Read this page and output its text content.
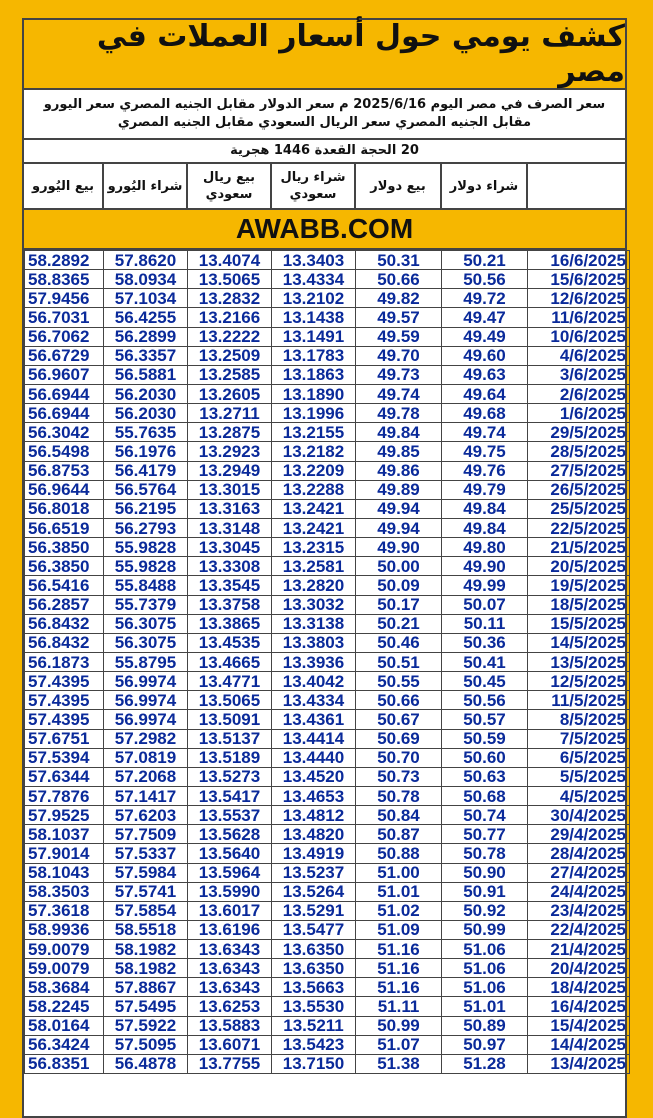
كشف يومي حول أسعار العملات في مصر
سعر الصرف في مصر اليوم 2025/6/16 م سعر الدولار مقابل الجنيه المصري سعر اليورو مقابل الجنيه المصري سعر الريال السعودي مقابل الجنيه المصري
20 الحجة القعدة 1446 هجرية
	شراء دولار	بيع دولار	شراء ريال سعودي	بيع ريال سعودي	شراء اليُورو	بيع اليُورو
AWABB.COM
16/6/2025	50.21	50.31	13.3403	13.4074	57.8620	58.2892
15/6/2025	50.56	50.66	13.4334	13.5065	58.0934	58.8365
12/6/2025	49.72	49.82	13.2102	13.2832	57.1034	57.9456
11/6/2025	49.47	49.57	13.1438	13.2166	56.4255	56.7031
10/6/2025	49.49	49.59	13.1491	13.2222	56.2899	56.7062
4/6/2025	49.60	49.70	13.1783	13.2509	56.3357	56.6729
3/6/2025	49.63	49.73	13.1863	13.2585	56.5881	56.9607
2/6/2025	49.64	49.74	13.1890	13.2605	56.2030	56.6944
1/6/2025	49.68	49.78	13.1996	13.2711	56.2030	56.6944
29/5/2025	49.74	49.84	13.2155	13.2875	55.7635	56.3042
28/5/2025	49.75	49.85	13.2182	13.2923	56.1976	56.5498
27/5/2025	49.76	49.86	13.2209	13.2949	56.4179	56.8753
26/5/2025	49.79	49.89	13.2288	13.3015	56.5764	56.9644
25/5/2025	49.84	49.94	13.2421	13.3163	56.2195	56.8018
22/5/2025	49.84	49.94	13.2421	13.3148	56.2793	56.6519
21/5/2025	49.80	49.90	13.2315	13.3045	55.9828	56.3850
20/5/2025	49.90	50.00	13.2581	13.3308	55.9828	56.3850
19/5/2025	49.99	50.09	13.2820	13.3545	55.8488	56.5416
18/5/2025	50.07	50.17	13.3032	13.3758	55.7379	56.2857
15/5/2025	50.11	50.21	13.3138	13.3865	56.3075	56.8432
14/5/2025	50.36	50.46	13.3803	13.4535	56.3075	56.8432
13/5/2025	50.41	50.51	13.3936	13.4665	55.8795	56.1873
12/5/2025	50.45	50.55	13.4042	13.4771	56.9974	57.4395
11/5/2025	50.56	50.66	13.4334	13.5065	56.9974	57.4395
8/5/2025	50.57	50.67	13.4361	13.5091	56.9974	57.4395
7/5/2025	50.59	50.69	13.4414	13.5137	57.2982	57.6751
6/5/2025	50.60	50.70	13.4440	13.5189	57.0819	57.5394
5/5/2025	50.63	50.73	13.4520	13.5273	57.2068	57.6344
4/5/2025	50.68	50.78	13.4653	13.5417	57.1417	57.7876
30/4/2025	50.74	50.84	13.4812	13.5537	57.6203	57.9525
29/4/2025	50.77	50.87	13.4820	13.5628	57.7509	58.1037
28/4/2025	50.78	50.88	13.4919	13.5640	57.5337	57.9014
27/4/2025	50.90	51.00	13.5237	13.5964	57.5984	58.1043
24/4/2025	50.91	51.01	13.5264	13.5990	57.5741	58.3503
23/4/2025	50.92	51.02	13.5291	13.6017	57.5854	57.3618
22/4/2025	50.99	51.09	13.5477	13.6196	58.5518	58.9936
21/4/2025	51.06	51.16	13.6350	13.6343	58.1982	59.0079
20/4/2025	51.06	51.16	13.6350	13.6343	58.1982	59.0079
18/4/2025	51.06	51.16	13.5663	13.6343	57.8867	58.3684
16/4/2025	51.01	51.11	13.5530	13.6253	57.5495	58.2245
15/4/2025	50.89	50.99	13.5211	13.5883	57.5922	58.0164
14/4/2025	50.97	51.07	13.5423	13.6071	57.5095	56.3424
13/4/2025	51.28	51.38	13.7150	13.7755	56.4878	56.8351
